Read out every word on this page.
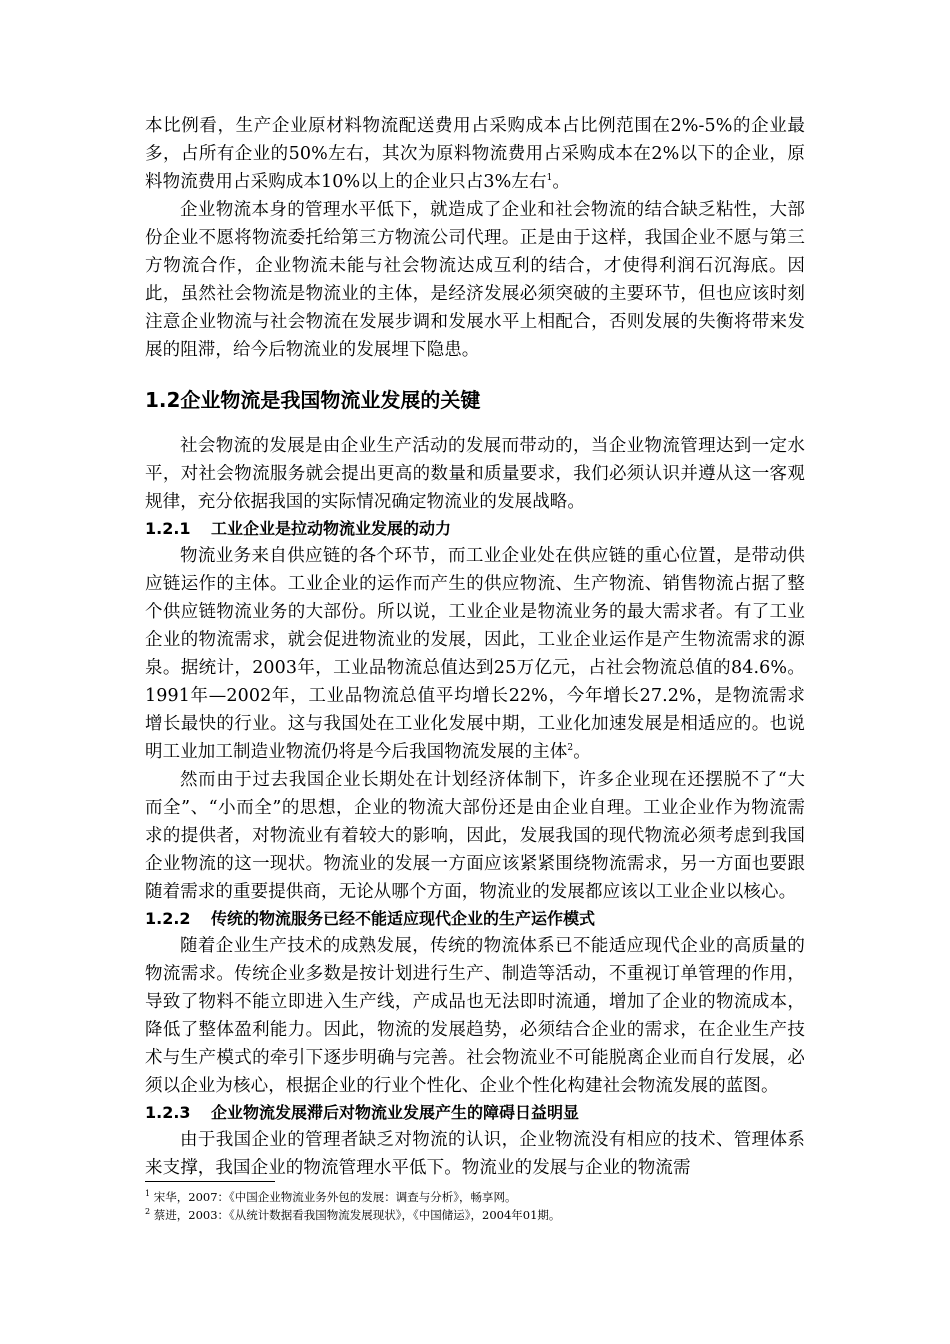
本比例看，生产企业原材料物流配送费用占采购成本占比例范围在2%-5%的企业最多，占所有企业的50%左右，其次为原料物流费用占采购成本在2%以下的企业，原料物流费用占采购成本10%以上的企业只占3%左右$^1$。

企业物流本身的管理水平低下，就造成了企业和社会物流的结合缺乏粘性，大部份企业不愿将物流委托给第三方物流公司代理。正是由于这样，我国企业不愿与第三方物流合作，企业物流未能与社会物流达成互利的结合，才使得利润石沉海底。因此，虽然社会物流是物流业的主体，是经济发展必须突破的主要环节，但也应该时刻注意企业物流与社会物流在发展步调和发展水平上相配合，否则发展的失衡将带来发展的阻滞，给今后物流业的发展埋下隐患。

1.2企业物流是我国物流业发展的关键

社会物流的发展是由企业生产活动的发展而带动的，当企业物流管理达到一定水平，对社会物流服务就会提出更高的数量和质量要求，我们必须认识并遵从这一客观规律，充分依据我国的实际情况确定物流业的发展战略。

1.2.1 工业企业是拉动物流业发展的动力

物流业务来自供应链的各个环节，而工业企业处在供应链的重心位置，是带动供应链运作的主体。工业企业的运作而产生的供应物流、生产物流、销售物流占据了整个供应链物流业务的大部份。所以说，工业企业是物流业务的最大需求者。有了工业企业的物流需求，就会促进物流业的发展，因此，工业企业运作是产生物流需求的源泉。据统计，2003年，工业品物流总值达到25万亿元，占社会物流总值的84.6%。1991年—2002年，工业品物流总值平均增长22%，今年增长27.2%，是物流需求增长最快的行业。这与我国处在工业化发展中期，工业化加速发展是相适应的。也说明工业加工制造业物流仍将是今后我国物流发展的主体$^2$。

然而由于过去我国企业长期处在计划经济体制下，许多企业现在还摆脱不了“大而全”、“小而全”的思想，企业的物流大部份还是由企业自理。工业企业作为物流需求的提供者，对物流业有着较大的影响，因此，发展我国的现代物流必须考虑到我国企业物流的这一现状。物流业的发展一方面应该紧紧围绕物流需求，另一方面也要跟随着需求的重要提供商，无论从哪个方面，物流业的发展都应该以工业企业以核心。

1.2.2 传统的物流服务已经不能适应现代企业的生产运作模式

随着企业生产技术的成熟发展，传统的物流体系已不能适应现代企业的高质量的物流需求。传统企业多数是按计划进行生产、制造等活动，不重视订单管理的作用，导致了物料不能立即进入生产线，产成品也无法即时流通，增加了企业的物流成本，降低了整体盈利能力。因此，物流的发展趋势，必须结合企业的需求，在企业生产技术与生产模式的牵引下逐步明确与完善。社会物流业不可能脱离企业而自行发展，必须以企业为核心，根据企业的行业个性化、企业个性化构建社会物流发展的蓝图。

1.2.3 企业物流发展滞后对物流业发展产生的障碍日益明显

由于我国企业的管理者缺乏对物流的认识，企业物流没有相应的技术、管理体系来支撑，我国企业的物流管理水平低下。物流业的发展与企业的物流需

$^1$ 宋华，2007：《中国企业物流业务外包的发展：调查与分析》，畅享网。
$^2$ 蔡进，2003：《从统计数据看我国物流发展现状》，《中国储运》，2004年01期。
